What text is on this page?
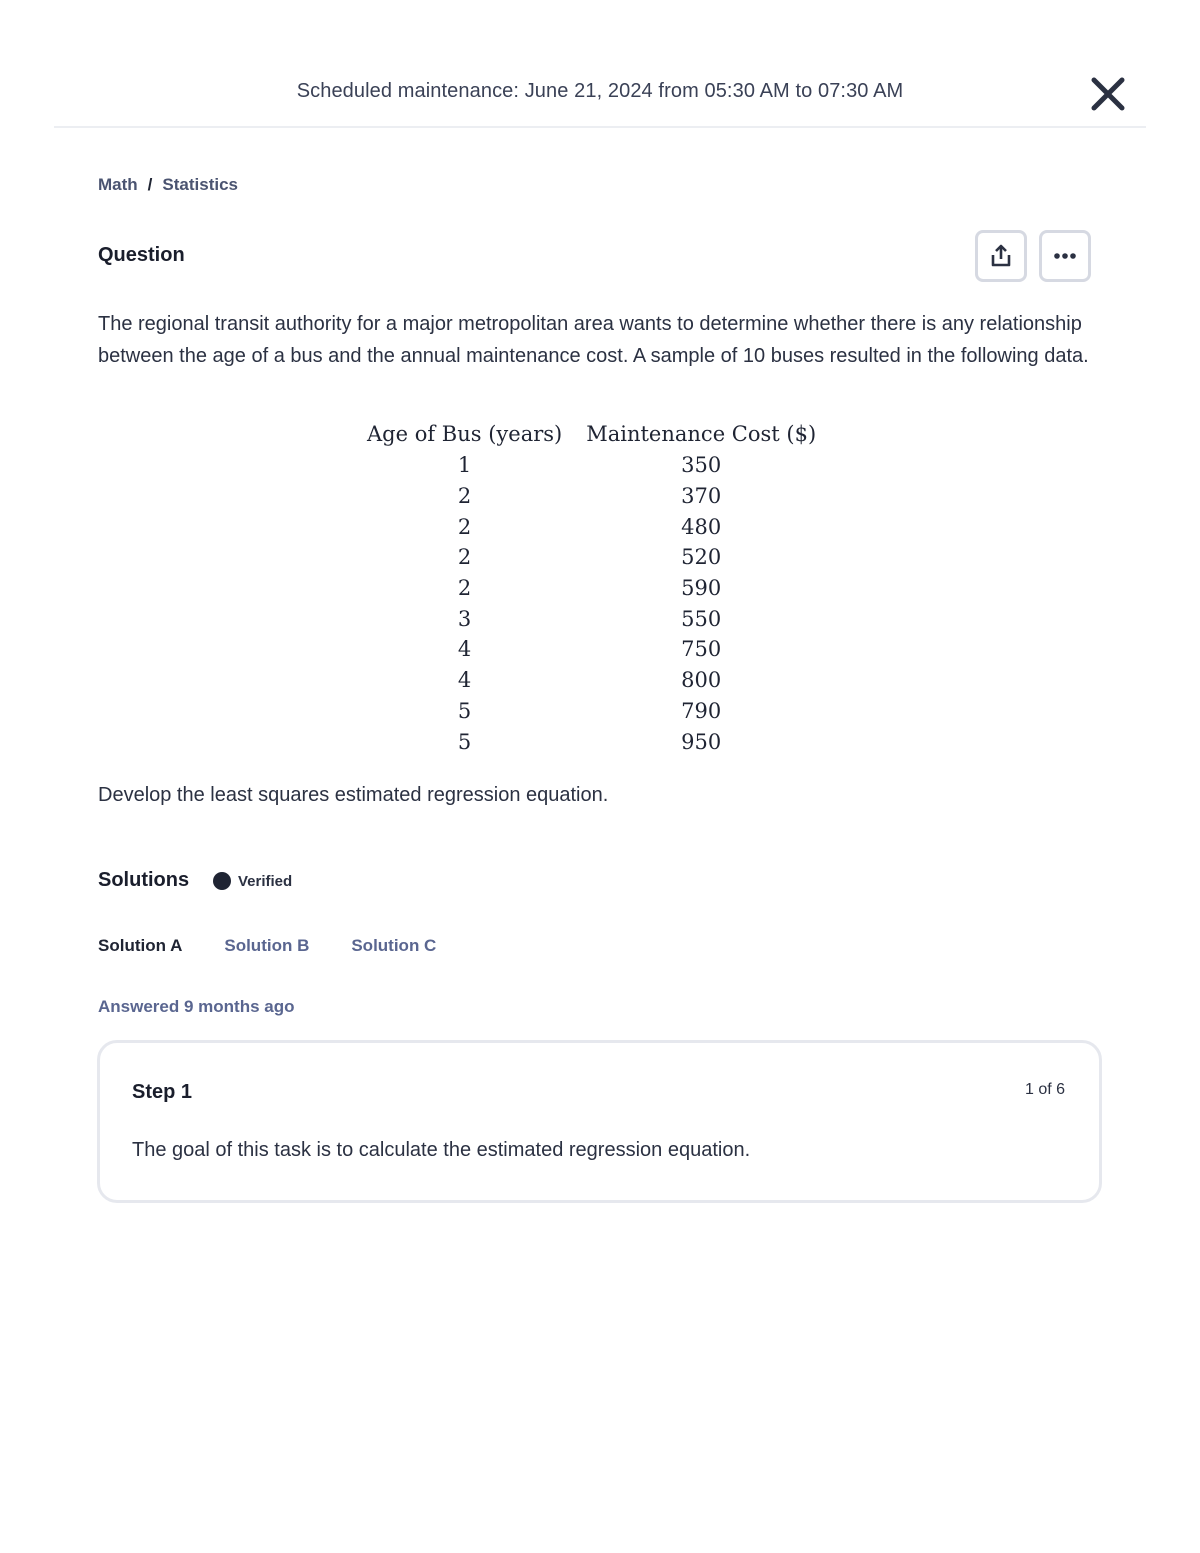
Scheduled maintenance: June 21, 2024 from 05:30 AM to 07:30 AM
Math / Statistics
Question
The regional transit authority for a major metropolitan area wants to determine whether there is any relationship between the age of a bus and the annual maintenance cost. A sample of 10 buses resulted in the following data.
Age of Bus (years)	Maintenance Cost ($)
1	350
2	370
2	480
2	520
2	590
3	550
4	750
4	800
5	790
5	950
Develop the least squares estimated regression equation.
Solutions	Verified
Solution A Solution B Solution C
Answered 9 months ago
Step 1	1 of 6
The goal of this task is to calculate the estimated regression equation.
